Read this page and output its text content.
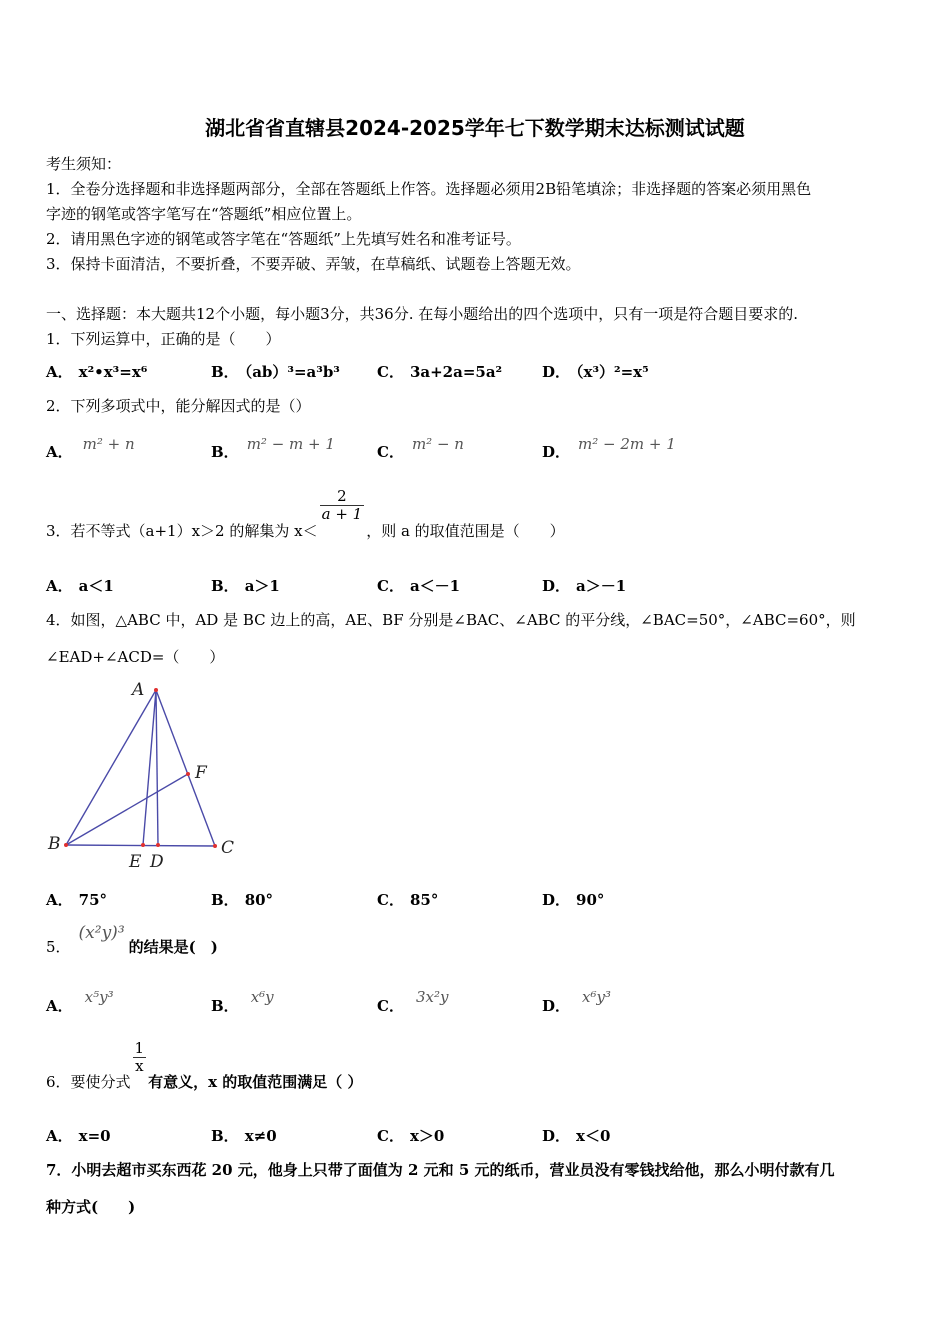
湖北省省直辖县2024-2025学年七下数学期末达标测试试题
考生须知：
1．全卷分选择题和非选择题两部分，全部在答题纸上作答。选择题必须用2B铅笔填涂；非选择题的答案必须用黑色
字迹的钢笔或答字笔写在“答题纸”相应位置上。
2．请用黑色字迹的钢笔或答字笔在“答题纸”上先填写姓名和准考证号。
3．保持卡面清洁，不要折叠，不要弄破、弄皱，在草稿纸、试题卷上答题无效。
一、选择题：本大题共12个小题，每小题3分，共36分. 在每小题给出的四个选项中，只有一项是符合题目要求的.
1．下列运算中，正确的是（　　）
A． x²•x³=x⁶	B． （ab）³=a³b³ C． 3a+2a=5a²	D． （x³）²=x⁵
2．下列多项式中，能分解因式的是（）
A． m² + n	B． m² − m + 1	C． m² − n	D． m² − 2m + 1
3．若不等式（a+1）x＞2 的解集为 x＜
$\frac{2}{a + 1}$
，则 a 的取值范围是（　　）
A． a＜1	B． a＞1	C． a＜－1	D． a＞－1
4．如图，△ABC 中，AD 是 BC 边上的高，AE、BF 分别是∠BAC、∠ABC 的平分线，∠BAC=50°，∠ABC=60°，则
∠EAD+∠ACD=（　　）
A
B	C
D
E
F
A． 75°	B． 80°	C． 85°	D． 90°
5．(x²y)³的结果是(　)
A． x⁵y³	B． x⁶y	C． 3x²y	D． x⁶y³
6．要使分式
$\frac{1}{x}$
有意义，x 的取值范围满足（ ）
A． x=0	B． x≠0	C． x＞0	D． x＜0
7．小明去超市买东西花 20 元，他身上只带了面值为 2 元和 5 元的纸币，营业员没有零钱找给他，那么小明付款有几
种方式(　　)
